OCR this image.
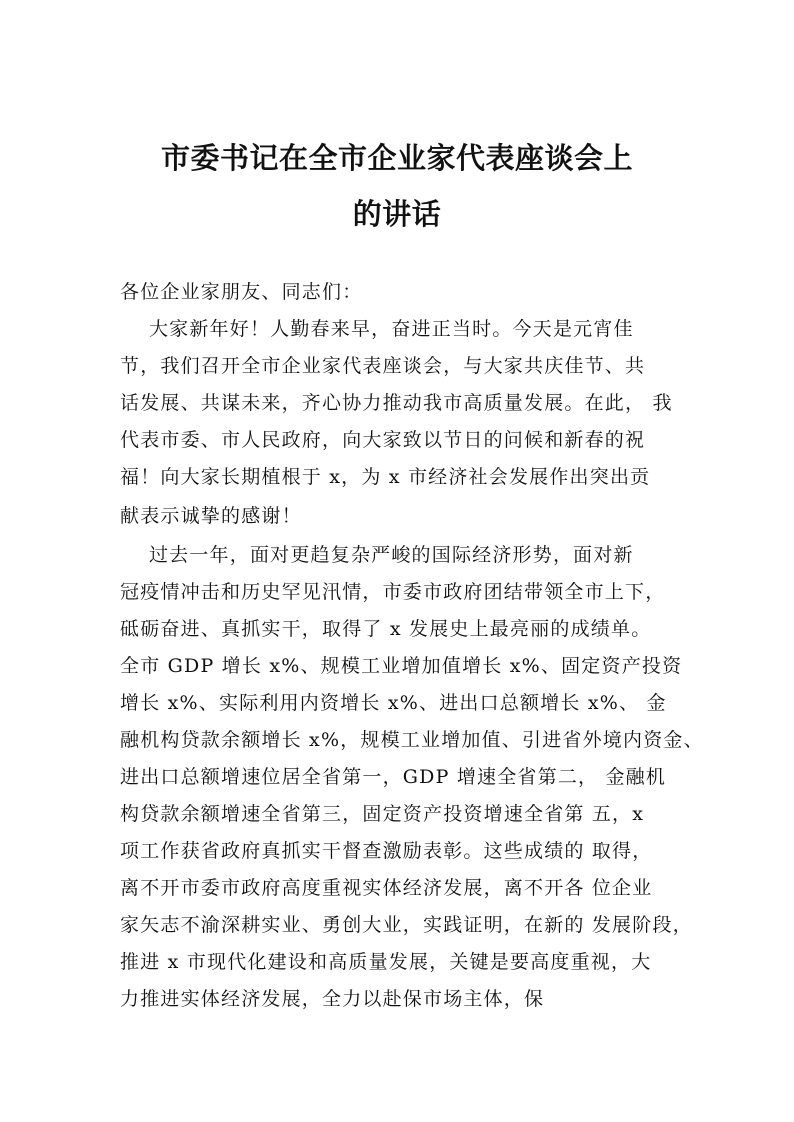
市委书记在全市企业家代表座谈会上
的讲话
各位企业家朋友、同志们：
大家新年好！人勤春来早，奋进正当时。今天是元宵佳
节，我们召开全市企业家代表座谈会，与大家共庆佳节、共
话发展、共谋未来，齐心协力推动我市高质量发展。在此， 我
代表市委、市人民政府，向大家致以节日的问候和新春的祝
福！向大家长期植根于 x，为 x 市经济社会发展作出突出贡
献表示诚挚的感谢！
过去一年，面对更趋复杂严峻的国际经济形势，面对新
冠疫情冲击和历史罕见汛情，市委市政府团结带领全市上下，
砥砺奋进、真抓实干，取得了 x 发展史上最亮丽的成绩单。
全市 GDP 增长 x%、规模工业增加值增长 x%、固定资产投资
增长 x%、实际利用内资增长 x%、进出口总额增长 x%、 金
融机构贷款余额增长 x%，规模工业增加值、引进省外境内资金、
进出口总额增速位居全省第一，GDP 增速全省第二， 金融机
构贷款余额增速全省第三，固定资产投资增速全省第 五，x
项工作获省政府真抓实干督查激励表彰。这些成绩的 取得，
离不开市委市政府高度重视实体经济发展，离不开各 位企业
家矢志不渝深耕实业、勇创大业，实践证明，在新的 发展阶段，
推进 x 市现代化建设和高质量发展，关键是要高度重视，大
力推进实体经济发展，全力以赴保市场主体，保
